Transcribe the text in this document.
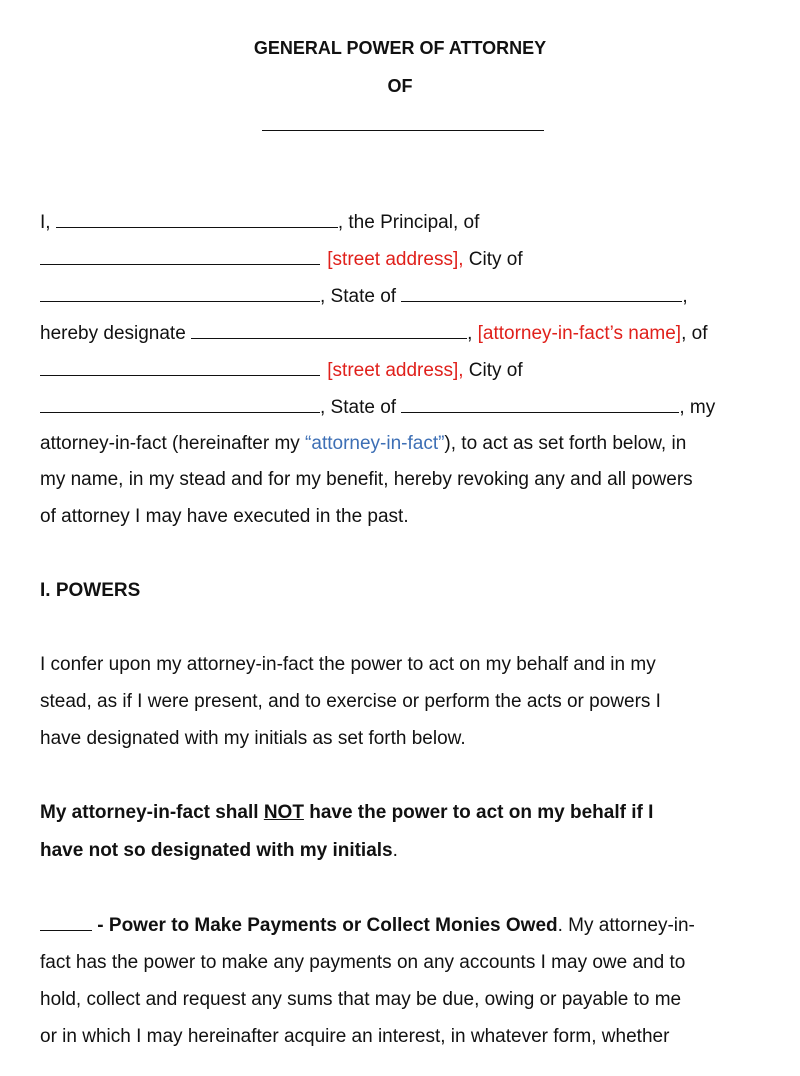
GENERAL POWER OF ATTORNEY
OF
I,	, the Principal, of
[street address], City of
, State of	,
hereby designate	, [attorney-in-fact’s name], of
[street address], City of
, State of	, my
attorney-in-fact (hereinafter my “attorney-in-fact”), to act as set forth below, in
my name, in my stead and for my benefit, hereby revoking any and all powers
of attorney I may have executed in the past.
I. POWERS
I confer upon my attorney-in-fact the power to act on my behalf and in my
stead, as if I were present, and to exercise or perform the acts or powers I
have designated with my initials as set forth below.
My attorney-in-fact shall NOT have the power to act on my behalf if I
have not so designated with my initials.
- Power to Make Payments or Collect Monies Owed. My attorney-in-
fact has the power to make any payments on any accounts I may owe and to
hold, collect and request any sums that may be due, owing or payable to me
or in which I may hereinafter acquire an interest, in whatever form, whether
